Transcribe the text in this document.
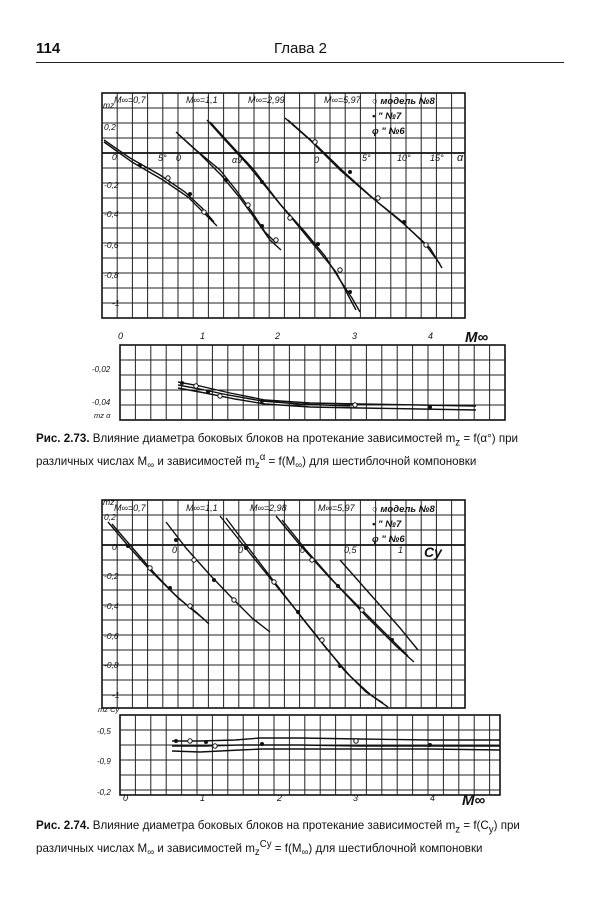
114	Глава 2
M∞=0,7	M∞=1,1	M∞=2,99	M∞=5,97 ○ модель №8
• " №7
φ " №6
mz
0,2
0
-0,2
-0,4
-0,6
-0,8
-1
5° 0	α9	0	5°	10° 15° α
0	1	2	3	4 M∞
-0,02
-0,04
mz α
Рис. 2.73. Влияние диаметра боковых блоков на протекание зависимостей $m_z = f(\alpha^\circ)$ при различных числах $M_\infty$ и зависимостей $m_z^\alpha = f(M_\infty)$ для шестиблочной компоновки
M∞=0,7	M∞=1,1	M∞=2,98	M∞=5,97 ○ модель №8
• " №7
φ " №6
mz
0,2
0
-0,2
-0,4
-0,6
-0,8
-1
0	0	0	0,5	1 Cy
mz Cy
-0,5
-0,9
-0,2
0	1	2	3	4 M∞
Рис. 2.74. Влияние диаметра боковых блоков на протекание зависимостей $m_z = f(C_y)$ при различных числах $M_\infty$ и зависимостей $m_z^{Cy} = f(M_\infty)$ для шестиблочной компоновки
